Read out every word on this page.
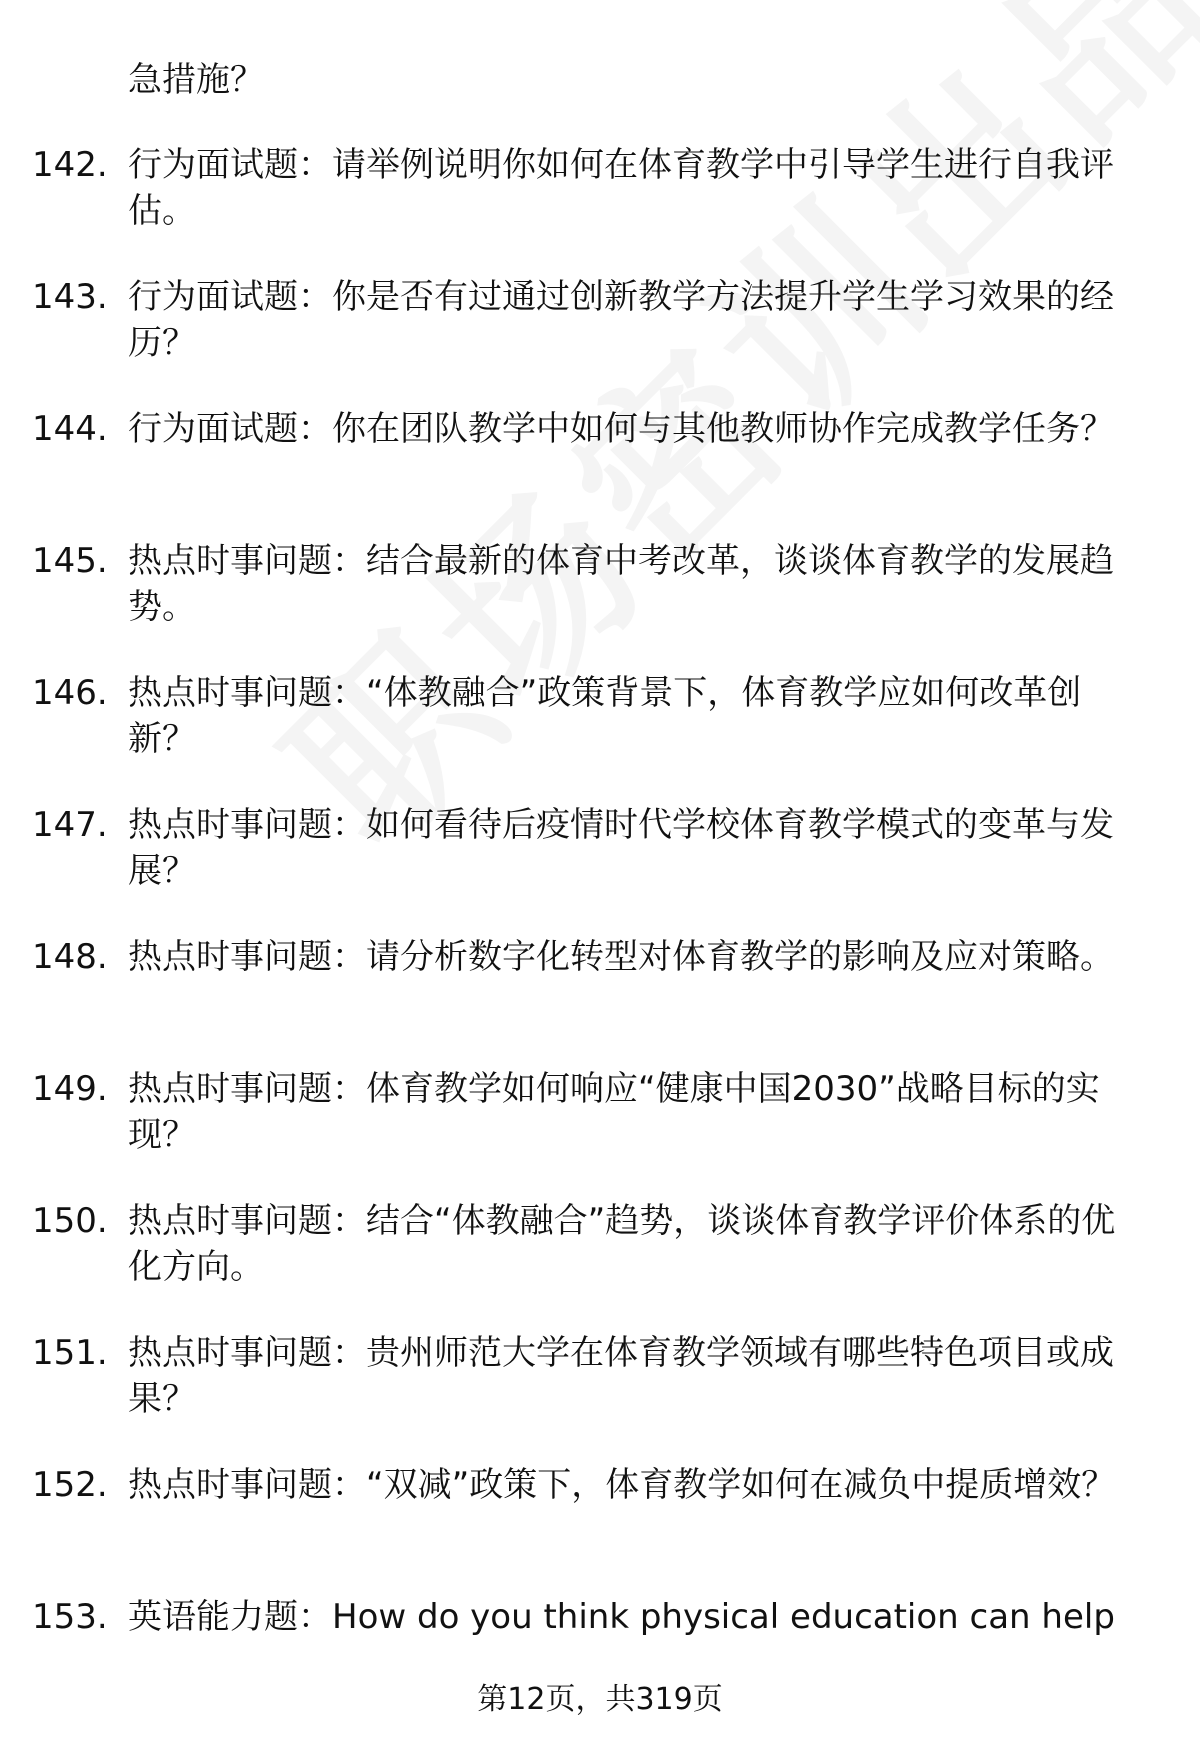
急措施？
142. 行为面试题：请举例说明你如何在体育教学中引导学生进行自我评估。
143. 行为面试题：你是否有过通过创新教学方法提升学生学习效果的经历？
144. 行为面试题：你在团队教学中如何与其他教师协作完成教学任务？
145. 热点时事问题：结合最新的体育中考改革，谈谈体育教学的发展趋势。
146. 热点时事问题：“体教融合”政策背景下，体育教学应如何改革创新？
147. 热点时事问题：如何看待后疫情时代学校体育教学模式的变革与发展？
148. 热点时事问题：请分析数字化转型对体育教学的影响及应对策略。
149. 热点时事问题：体育教学如何响应“健康中国2030”战略目标的实现？
150. 热点时事问题：结合“体教融合”趋势，谈谈体育教学评价体系的优化方向。
151. 热点时事问题：贵州师范大学在体育教学领域有哪些特色项目或成果？
152. 热点时事问题：“双减”政策下，体育教学如何在减负中提质增效？
153. 英语能力题：How do you think physical education can help
第12页，共319页
